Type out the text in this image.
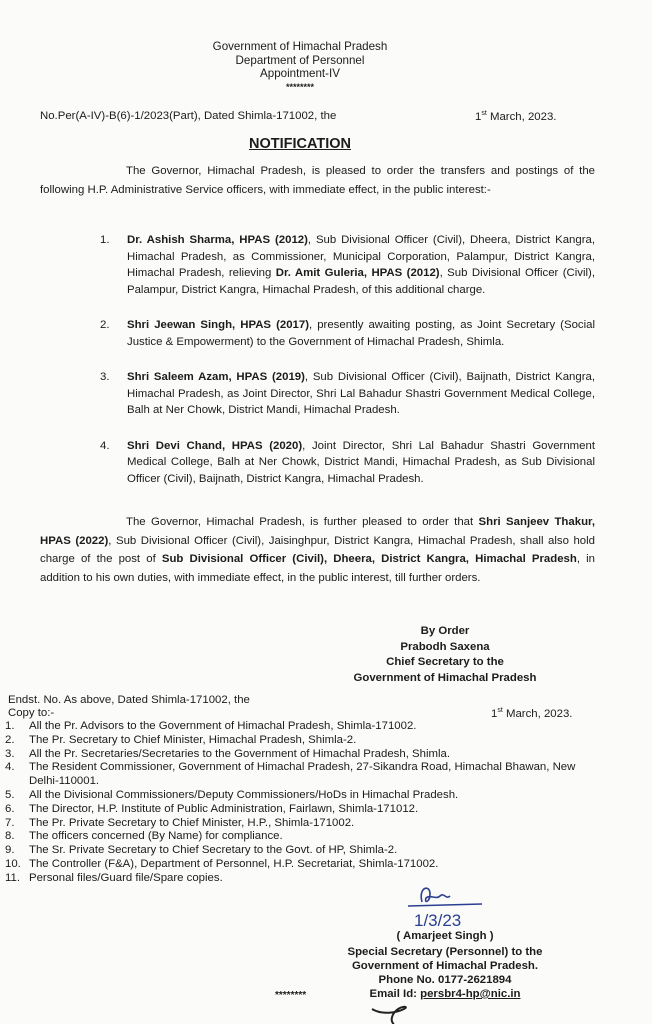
Government of Himachal Pradesh
Department of Personnel
Appointment-IV
********
No.Per(A-IV)-B(6)-1/2023(Part), Dated Shimla-171002, the	1st March, 2023.
NOTIFICATION
The Governor, Himachal Pradesh, is pleased to order the transfers and postings of the following H.P. Administrative Service officers, with immediate effect, in the public interest:-
1.	Dr. Ashish Sharma, HPAS (2012), Sub Divisional Officer (Civil), Dheera, District Kangra, Himachal Pradesh, as Commissioner, Municipal Corporation, Palampur, District Kangra, Himachal Pradesh, relieving Dr. Amit Guleria, HPAS (2012), Sub Divisional Officer (Civil), Palampur, District Kangra, Himachal Pradesh, of this additional charge.
2.	Shri Jeewan Singh, HPAS (2017), presently awaiting posting, as Joint Secretary (Social Justice & Empowerment) to the Government of Himachal Pradesh, Shimla.
3.	Shri Saleem Azam, HPAS (2019), Sub Divisional Officer (Civil), Baijnath, District Kangra, Himachal Pradesh, as Joint Director, Shri Lal Bahadur Shastri Government Medical College, Balh at Ner Chowk, District Mandi, Himachal Pradesh.
4.	Shri Devi Chand, HPAS (2020), Joint Director, Shri Lal Bahadur Shastri Government Medical College, Balh at Ner Chowk, District Mandi, Himachal Pradesh, as Sub Divisional Officer (Civil), Baijnath, District Kangra, Himachal Pradesh.
The Governor, Himachal Pradesh, is further pleased to order that Shri Sanjeev Thakur, HPAS (2022), Sub Divisional Officer (Civil), Jaisinghpur, District Kangra, Himachal Pradesh, shall also hold charge of the post of Sub Divisional Officer (Civil), Dheera, District Kangra, Himachal Pradesh, in addition to his own duties, with immediate effect, in the public interest, till further orders.
By Order
Prabodh Saxena
Chief Secretary to the
Government of Himachal Pradesh
Endst. No. As above, Dated Shimla-171002, the
Copy to:-	1st March, 2023.
1.	All the Pr. Advisors to the Government of Himachal Pradesh, Shimla-171002.
2.	The Pr. Secretary to Chief Minister, Himachal Pradesh, Shimla-2.
3.	All the Pr. Secretaries/Secretaries to the Government of Himachal Pradesh, Shimla.
4.	The Resident Commissioner, Government of Himachal Pradesh, 27-Sikandra Road, Himachal Bhawan, New Delhi-110001.
5.	All the Divisional Commissioners/Deputy Commissioners/HoDs in Himachal Pradesh.
6.	The Director, H.P. Institute of Public Administration, Fairlawn, Shimla-171012.
7.	The Pr. Private Secretary to Chief Minister, H.P., Shimla-171002.
8.	The officers concerned (By Name) for compliance.
9.	The Sr. Private Secretary to Chief Secretary to the Govt. of HP, Shimla-2.
10. The Controller (F&A), Department of Personnel, H.P. Secretariat, Shimla-171002.
11. Personal files/Guard file/Spare copies.
1/3/23
( Amarjeet Singh )
Special Secretary (Personnel) to the
Government of Himachal Pradesh.
Phone No. 0177-2621894
Email Id: persbr4-hp@nic.in
********
